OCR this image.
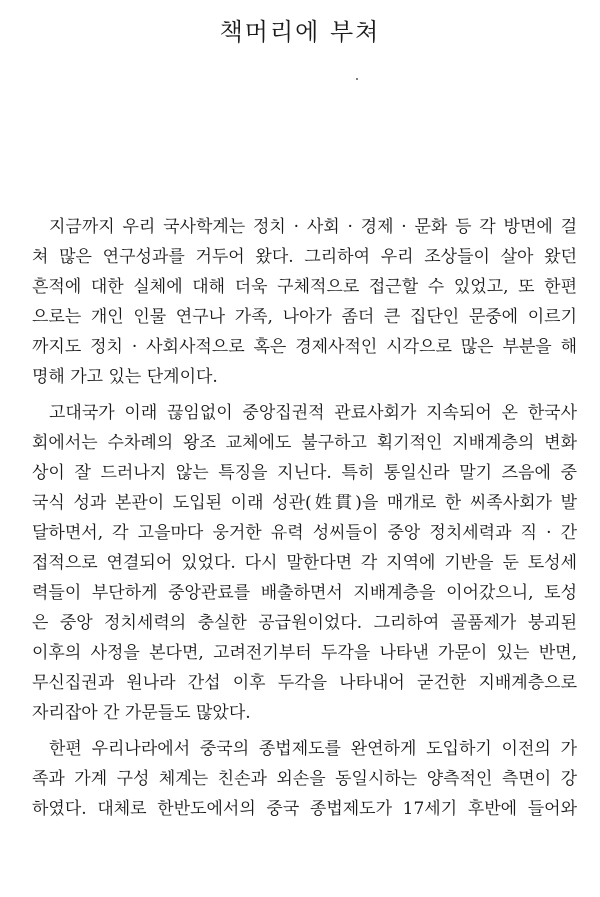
책머리에 부쳐
지금까지 우리 국사학계는 정치 · 사회 · 경제 · 문화 등 각 방면에 걸
쳐 많은 연구성과를 거두어 왔다. 그리하여 우리 조상들이 살아 왔던
흔적에 대한 실체에 대해 더욱 구체적으로 접근할 수 있었고, 또 한편
으로는 개인 인물 연구나 가족, 나아가 좀더 큰 집단인 문중에 이르기
까지도 정치 · 사회사적으로 혹은 경제사적인 시각으로 많은 부분을 해
명해 가고 있는 단계이다.
고대국가 이래 끊임없이 중앙집권적 관료사회가 지속되어 온 한국사
회에서는 수차례의 왕조 교체에도 불구하고 획기적인 지배계층의 변화
상이 잘 드러나지 않는 특징을 지닌다. 특히 통일신라 말기 즈음에 중
국식 성과 본관이 도입된 이래 성관(姓貫)을 매개로 한 씨족사회가 발
달하면서, 각 고을마다 웅거한 유력 성씨들이 중앙 정치세력과 직 · 간
접적으로 연결되어 있었다. 다시 말한다면 각 지역에 기반을 둔 토성세
력들이 부단하게 중앙관료를 배출하면서 지배계층을 이어갔으니, 토성
은 중앙 정치세력의 충실한 공급원이었다. 그리하여 골품제가 붕괴된
이후의 사정을 본다면, 고려전기부터 두각을 나타낸 가문이 있는 반면,
무신집권과 원나라 간섭 이후 두각을 나타내어 굳건한 지배계층으로
자리잡아 간 가문들도 많았다.
한편 우리나라에서 중국의 종법제도를 완연하게 도입하기 이전의 가
족과 가계 구성 체계는 친손과 외손을 동일시하는 양측적인 측면이 강
하였다. 대체로 한반도에서의 중국 종법제도가 17세기 후반에 들어와
